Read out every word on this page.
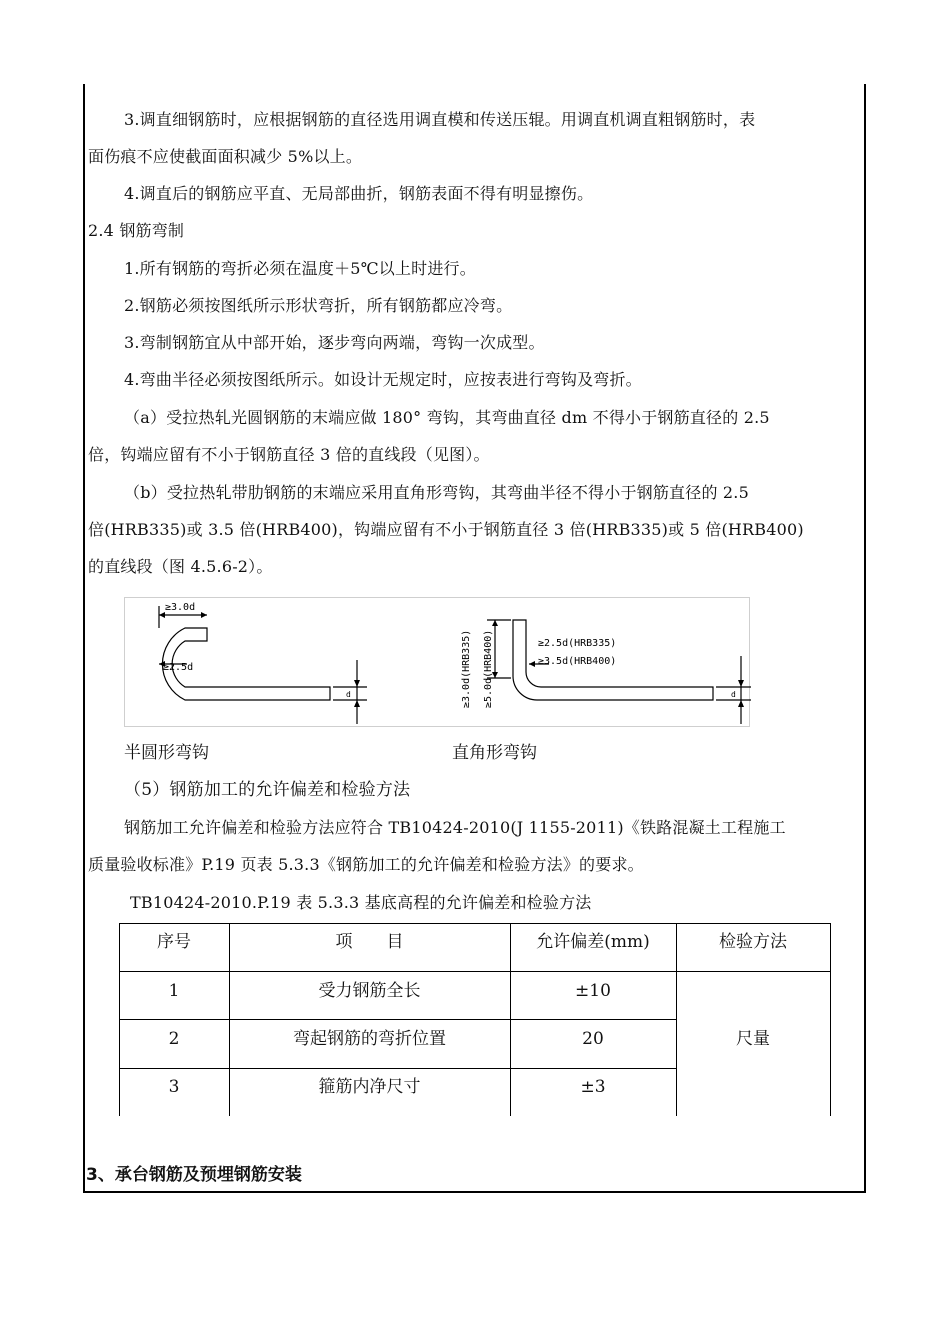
3.调直细钢筋时，应根据钢筋的直径选用调直模和传送压辊。用调直机调直粗钢筋时，表
面伤痕不应使截面面积减少 5%以上。
4.调直后的钢筋应平直、无局部曲折，钢筋表面不得有明显擦伤。
2.4 钢筋弯制
1.所有钢筋的弯折必须在温度＋5℃以上时进行。
2.钢筋必须按图纸所示形状弯折，所有钢筋都应冷弯。
3.弯制钢筋宜从中部开始，逐步弯向两端，弯钩一次成型。
4.弯曲半径必须按图纸所示。如设计无规定时，应按表进行弯钩及弯折。
（a）受拉热轧光圆钢筋的末端应做 180° 弯钩，其弯曲直径 dm 不得小于钢筋直径的 2.5
倍，钩端应留有不小于钢筋直径 3 倍的直线段（见图）。
（b）受拉热轧带肋钢筋的末端应采用直角形弯钩，其弯曲半径不得小于钢筋直径的 2.5
倍(HRB335)或 3.5 倍(HRB400)，钩端应留有不小于钢筋直径 3 倍(HRB335)或 5 倍(HRB400)
的直线段（图 4.5.6-2）。
≥3.0d
≥2.5d
d
≥2.5d(HRB335)
≥3.5d(HRB400)
d
≥3.0d(HRB335) ≥5.0d(HRB400)
半圆形弯钩	直角形弯钩
（5）钢筋加工的允许偏差和检验方法
钢筋加工允许偏差和检验方法应符合 TB10424-2010(J 1155-2011)《铁路混凝土工程施工
质量验收标准》P.19 页表 5.3.3《钢筋加工的允许偏差和检验方法》的要求。
TB10424-2010.P.19 表 5.3.3 基底高程的允许偏差和检验方法
序号	项　　目	允许偏差(mm)	检验方法
1	受力钢筋全长	±10
2	弯起钢筋的弯折位置	20
3	箍筋内净尺寸	±3
尺量
3、承台钢筋及预埋钢筋安装
